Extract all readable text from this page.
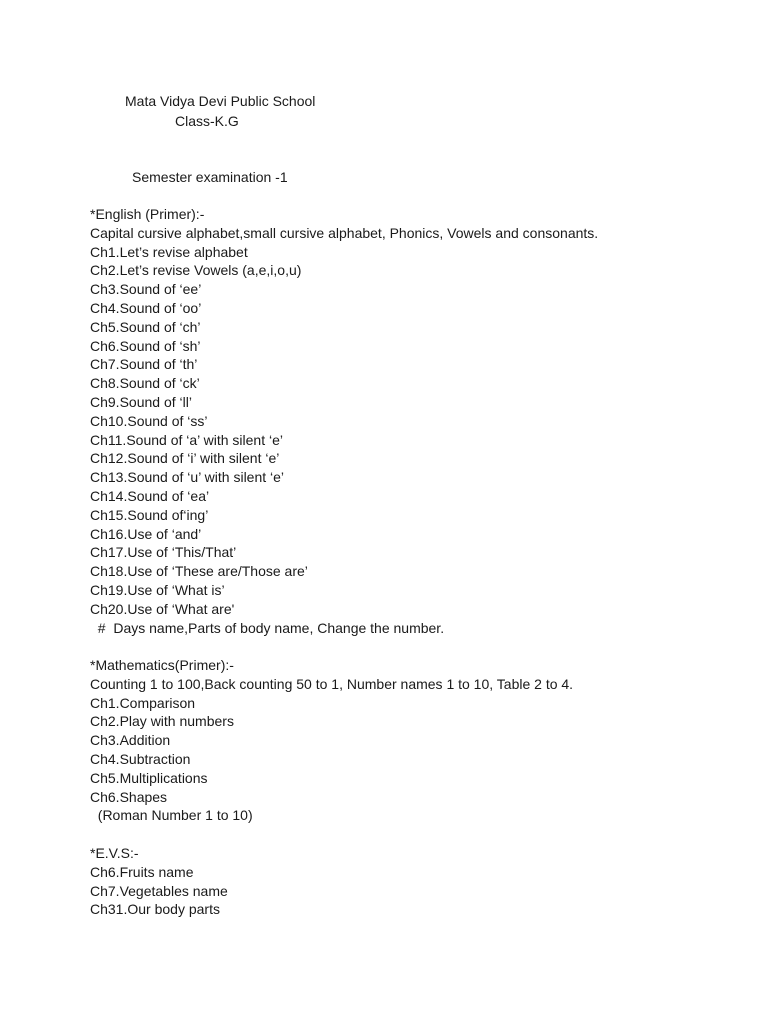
Mata Vidya Devi Public School
Class-K.G
Semester examination -1
*English (Primer):-
Capital cursive alphabet,small cursive alphabet, Phonics, Vowels and consonants.
Ch1.Let’s revise alphabet
Ch2.Let’s revise Vowels (a,e,i,o,u)
Ch3.Sound of ‘ee’
Ch4.Sound of ‘oo’
Ch5.Sound of ‘ch’
Ch6.Sound of ‘sh’
Ch7.Sound of ‘th’
Ch8.Sound of ‘ck’
Ch9.Sound of ‘ll’
Ch10.Sound of ‘ss’
Ch11.Sound of ‘a’ with silent ‘e’
Ch12.Sound of ‘i’ with silent ‘e’
Ch13.Sound of ‘u’ with silent ‘e’
Ch14.Sound of ‘ea’
Ch15.Sound of‘ing’
Ch16.Use of ‘and’
Ch17.Use of ‘This/That’
Ch18.Use of ‘These are/Those are’
Ch19.Use of ‘What is’
Ch20.Use of ‘What are'
#  Days name,Parts of body name, Change the number.
*Mathematics(Primer):-
Counting 1 to 100,Back counting 50 to 1, Number names 1 to 10, Table 2 to 4.
Ch1.Comparison
Ch2.Play with numbers
Ch3.Addition
Ch4.Subtraction
Ch5.Multiplications
Ch6.Shapes
(Roman Number 1 to 10)
*E.V.S:-
Ch6.Fruits name
Ch7.Vegetables name
Ch31.Our body parts
